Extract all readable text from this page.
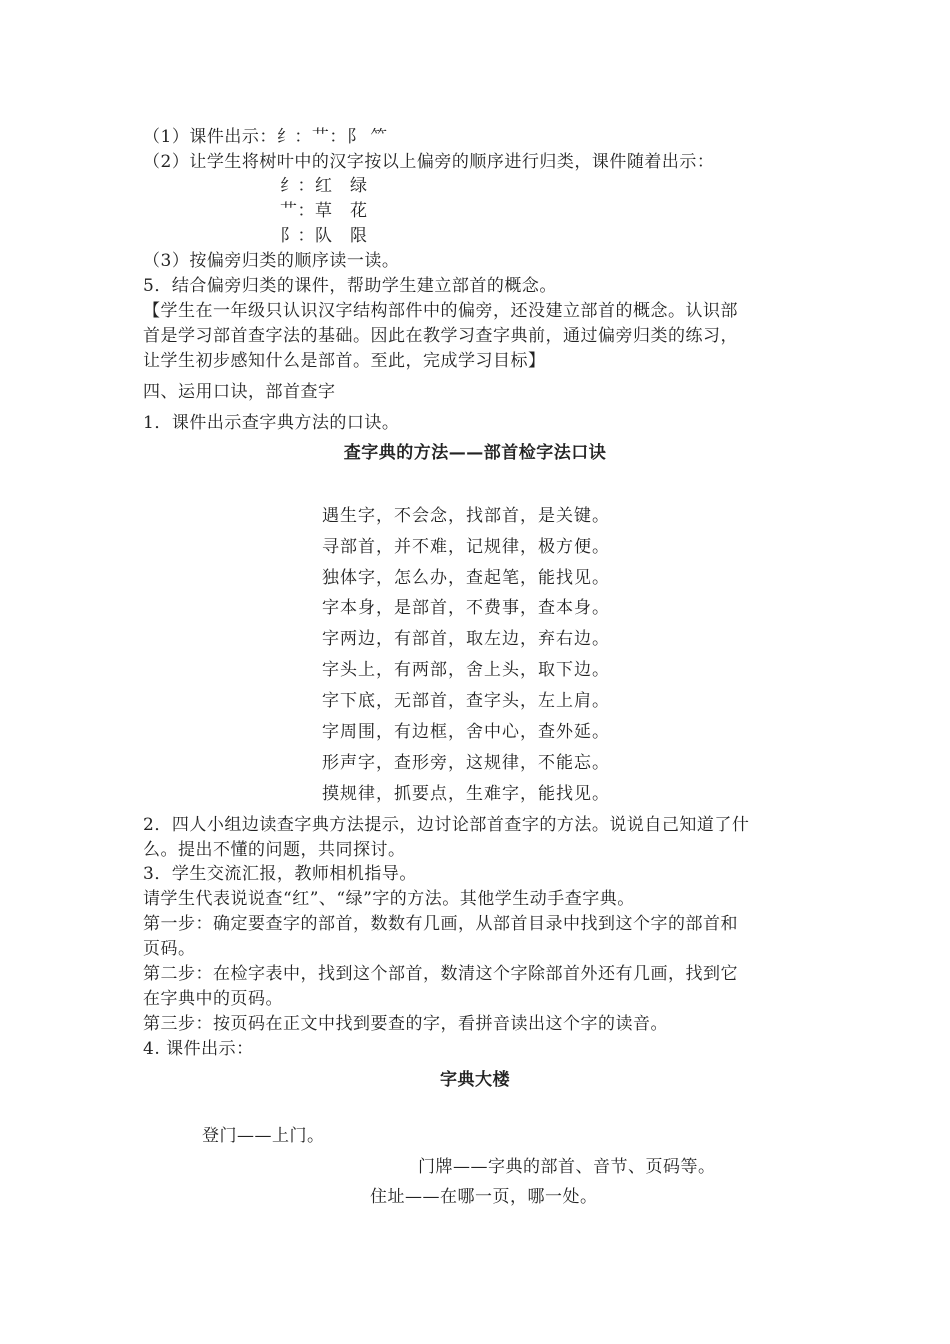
（1）课件出示：纟：艹：阝 ⺮
（2）让学生将树叶中的汉字按以上偏旁的顺序进行归类，课件随着出示：
纟：红　绿
艹：草　花
阝：队　限
（3）按偏旁归类的顺序读一读。
5．结合偏旁归类的课件，帮助学生建立部首的概念。
【学生在一年级只认识汉字结构部件中的偏旁，还没建立部首的概念。认识部
首是学习部首查字法的基础。因此在教学习查字典前，通过偏旁归类的练习，
让学生初步感知什么是部首。至此，完成学习目标】
四、运用口诀，部首查字
1．课件出示查字典方法的口诀。
查字典的方法——部首检字法口诀
遇生字，不会念，找部首，是关键。
寻部首，并不难，记规律，极方便。
独体字，怎么办，查起笔，能找见。
字本身，是部首，不费事，查本身。
字两边，有部首，取左边，弃右边。
字头上，有两部，舍上头，取下边。
字下底，无部首，查字头，左上肩。
字周围，有边框，舍中心，查外延。
形声字，查形旁，这规律，不能忘。
摸规律，抓要点，生难字，能找见。
2．四人小组边读查字典方法提示，边讨论部首查字的方法。说说自己知道了什
么。提出不懂的问题，共同探讨。
3．学生交流汇报，教师相机指导。
请学生代表说说查“红”、“绿”字的方法。其他学生动手查字典。
第一步：确定要查字的部首，数数有几画，从部首目录中找到这个字的部首和
页码。
第二步：在检字表中，找到这个部首，数清这个字除部首外还有几画，找到它
在字典中的页码。
第三步：按页码在正文中找到要查的字，看拼音读出这个字的读音。
4. 课件出示：
字典大楼
登门——上门。
门牌——字典的部首、音节、页码等。
住址——在哪一页，哪一处。
